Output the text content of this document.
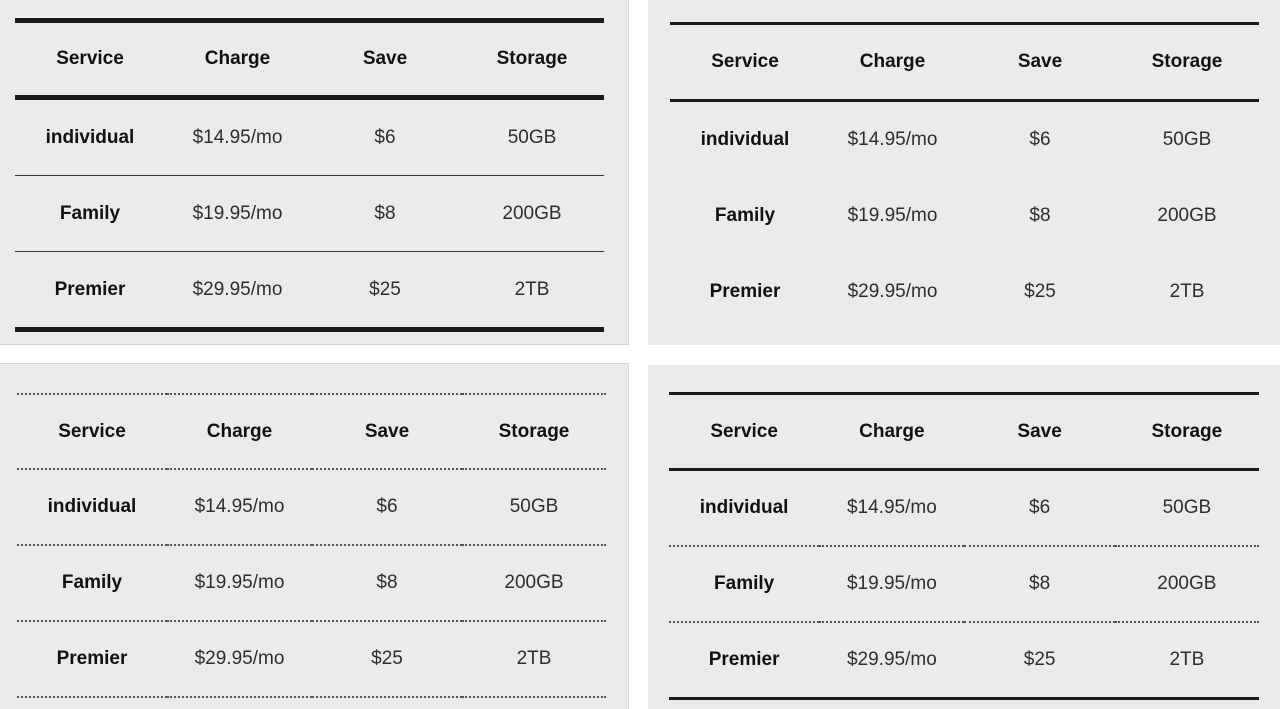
Service	Charge	Save	Storage
individual	$14.95/mo	$6	50GB
Family	$19.95/mo	$8	200GB
Premier	$29.95/mo	$25	2TB
Service	Charge	Save	Storage
individual	$14.95/mo	$6	50GB
Family	$19.95/mo	$8	200GB
Premier	$29.95/mo	$25	2TB
Service	Charge	Save	Storage
individual	$14.95/mo	$6	50GB
Family	$19.95/mo	$8	200GB
Premier	$29.95/mo	$25	2TB
Service	Charge	Save	Storage
individual	$14.95/mo	$6	50GB
Family	$19.95/mo	$8	200GB
Premier	$29.95/mo	$25	2TB
